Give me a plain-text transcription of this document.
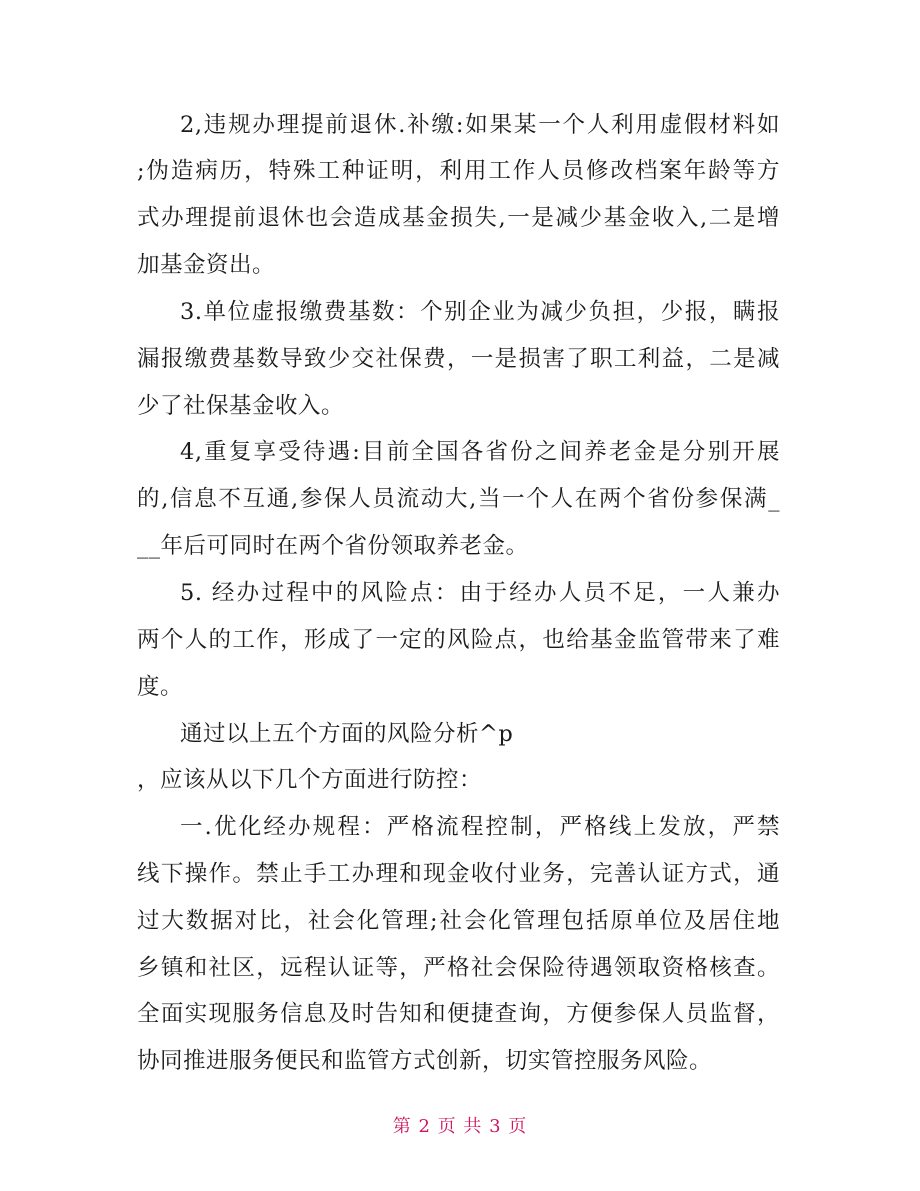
2,违规办理提前退休.补缴:如果某一个人利用虚假材料如
;伪造病历，特殊工种证明，利用工作人员修改档案年龄等方
式办理提前退休也会造成基金损失,一是减少基金收入,二是增
加基金资出。
3.单位虚报缴费基数：个别企业为减少负担，少报，瞒报
漏报缴费基数导致少交社保费，一是损害了职工利益，二是减
少了社保基金收入。
4,重复享受待遇:目前全国各省份之间养老金是分别开展
的,信息不互通,参保人员流动大,当一个人在两个省份参保满_
__年后可同时在两个省份领取养老金。
5. 经办过程中的风险点：由于经办人员不足，一人兼办
两个人的工作，形成了一定的风险点，也给基金监管带来了难
度。
通过以上五个方面的风险分析^p
，应该从以下几个方面进行防控：
一.优化经办规程：严格流程控制，严格线上发放，严禁
线下操作。禁止手工办理和现金收付业务，完善认证方式，通
过大数据对比，社会化管理;社会化管理包括原单位及居住地
乡镇和社区，远程认证等，严格社会保险待遇领取资格核查。
全面实现服务信息及时告知和便捷查询，方便参保人员监督，
协同推进服务便民和监管方式创新，切实管控服务风险。
第 2 页 共 3 页
